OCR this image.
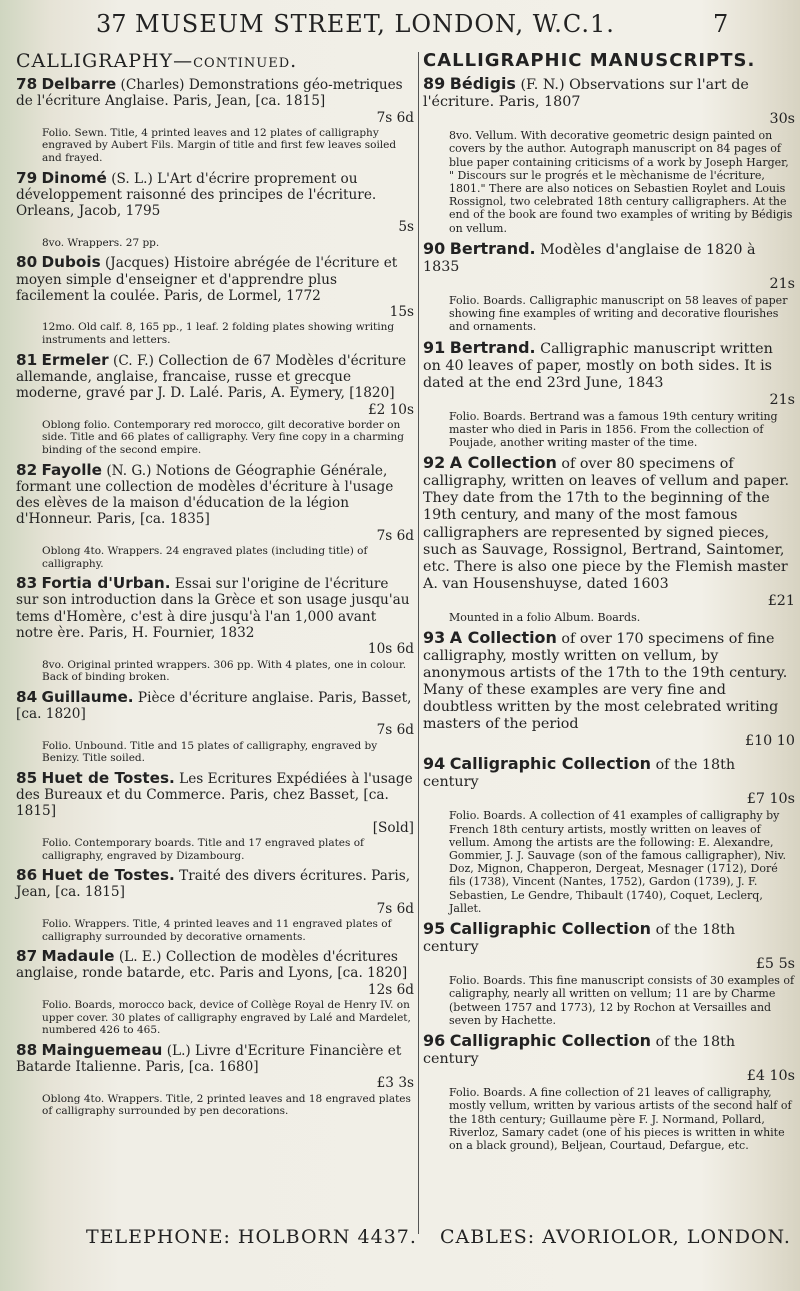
37 MUSEUM STREET, LONDON, W.C.1.	7
CALLIGRAPHY—continued.
78 Delbarre (Charles) Demonstrations géo-metriques de l'écriture Anglaise. Paris, Jean, [ca. 1815]
7s 6d
Folio. Sewn. Title, 4 printed leaves and 12 plates of calligraphy engraved by Aubert Fils. Margin of title and first few leaves soiled and frayed.
79 Dinomé (S. L.) L'Art d'écrire proprement ou développement raisonné des principes de l'écriture. Orleans, Jacob, 1795
5s
8vo. Wrappers. 27 pp.
80 Dubois (Jacques) Histoire abrégée de l'écriture et moyen simple d'enseigner et d'apprendre plus facilement la coulée. Paris, de Lormel, 1772
15s
12mo. Old calf. 8, 165 pp., 1 leaf. 2 folding plates showing writing instruments and letters.
81 Ermeler (C. F.) Collection de 67 Modèles d'écriture allemande, anglaise, francaise, russe et grecque moderne, gravé par J. D. Lalé. Paris, A. Eymery, [1820]
£2 10s
Oblong folio. Contemporary red morocco, gilt decorative border on side. Title and 66 plates of calligraphy. Very fine copy in a charming binding of the second empire.
82 Fayolle (N. G.) Notions de Géographie Générale, formant une collection de modèles d'écriture à l'usage des elèves de la maison d'éducation de la légion d'Honneur. Paris, [ca. 1835]
7s 6d
Oblong 4to. Wrappers. 24 engraved plates (including title) of calligraphy.
83 Fortia d'Urban. Essai sur l'origine de l'écriture sur son introduction dans la Grèce et son usage jusqu'au tems d'Homère, c'est à dire jusqu'à l'an 1,000 avant notre ère. Paris, H. Fournier, 1832
10s 6d
8vo. Original printed wrappers. 306 pp. With 4 plates, one in colour. Back of binding broken.
84 Guillaume. Pièce d'écriture anglaise. Paris, Basset, [ca. 1820]
7s 6d
Folio. Unbound. Title and 15 plates of calligraphy, engraved by Benizy. Title soiled.
85 Huet de Tostes. Les Ecritures Expédiées à l'usage des Bureaux et du Commerce. Paris, chez Basset, [ca. 1815]
[Sold]
Folio. Contemporary boards. Title and 17 engraved plates of calligraphy, engraved by Dizambourg.
86 Huet de Tostes. Traité des divers écritures. Paris, Jean, [ca. 1815]
7s 6d
Folio. Wrappers. Title, 4 printed leaves and 11 engraved plates of calligraphy surrounded by decorative ornaments.
87 Madaule (L. E.) Collection de modèles d'écritures anglaise, ronde batarde, etc. Paris and Lyons, [ca. 1820]
12s 6d
Folio. Boards, morocco back, device of Collège Royal de Henry IV. on upper cover. 30 plates of calligraphy engraved by Lalé and Mardelet, numbered 426 to 465.
88 Mainguemeau (L.) Livre d'Ecriture Financière et Batarde Italienne. Paris, [ca. 1680]
£3 3s
Oblong 4to. Wrappers. Title, 2 printed leaves and 18 engraved plates of calligraphy surrounded by pen decorations.
CALLIGRAPHIC MANUSCRIPTS.
89 Bédigis (F. N.) Observations sur l'art de l'écriture. Paris, 1807
30s
8vo. Vellum. With decorative geometric design painted on covers by the author. Autograph manuscript on 84 pages of blue paper containing criticisms of a work by Joseph Harger, " Discours sur le progrés et le mèchanisme de l'écriture, 1801." There are also notices on Sebastien Roylet and Louis Rossignol, two celebrated 18th century calligraphers. At the end of the book are found two examples of writing by Bédigis on vellum.
90 Bertrand. Modèles d'anglaise de 1820 à 1835
21s
Folio. Boards. Calligraphic manuscript on 58 leaves of paper showing fine examples of writing and decorative flourishes and ornaments.
91 Bertrand. Calligraphic manuscript written on 40 leaves of paper, mostly on both sides. It is dated at the end 23rd June, 1843
21s
Folio. Boards. Bertrand was a famous 19th century writing master who died in Paris in 1856. From the collection of Poujade, another writing master of the time.
92 A Collection of over 80 specimens of calligraphy, written on leaves of vellum and paper. They date from the 17th to the beginning of the 19th century, and many of the most famous calligraphers are represented by signed pieces, such as Sauvage, Rossignol, Bertrand, Saintomer, etc. There is also one piece by the Flemish master A. van Housenshuyse, dated 1603
£21
Mounted in a folio Album. Boards.
93 A Collection of over 170 specimens of fine calligraphy, mostly written on vellum, by anonymous artists of the 17th to the 19th century. Many of these examples are very fine and doubtless written by the most celebrated writing masters of the period
£10 10
94 Calligraphic Collection of the 18th century
£7 10s
Folio. Boards. A collection of 41 examples of calligraphy by French 18th century artists, mostly written on leaves of vellum. Among the artists are the following: E. Alexandre, Gommier, J. J. Sauvage (son of the famous calligrapher), Niv. Doz, Mignon, Chapperon, Dergeat, Mesnager (1712), Doré fils (1738), Vincent (Nantes, 1752), Gardon (1739), J. F. Sebastien, Le Gendre, Thibault (1740), Coquet, Leclerq, Jallet.
95 Calligraphic Collection of the 18th century
£5 5s
Folio. Boards. This fine manuscript consists of 30 examples of caligraphy, nearly all written on vellum; 11 are by Charme (between 1757 and 1773), 12 by Rochon at Versailles and seven by Hachette.
96 Calligraphic Collection of the 18th century
£4 10s
Folio. Boards. A fine collection of 21 leaves of calligraphy, mostly vellum, written by various artists of the second half of the 18th century; Guillaume père F. J. Normand, Pollard, Riverloz, Samary cadet (one of his pieces is written in white on a black ground), Beljean, Courtaud, Defargue, etc.
TELEPHONE: HOLBORN 4437. CABLES: AVORIOLOR, LONDON.
